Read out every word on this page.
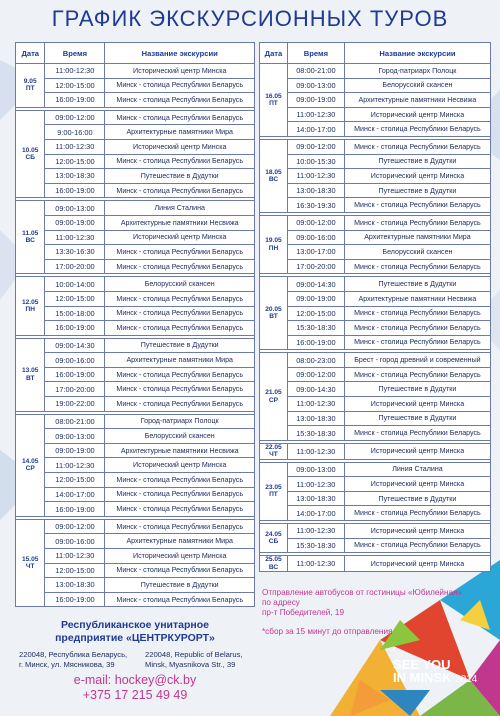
ГРАФИК ЭКСКУРСИОННЫХ ТУРОВ
Дата	Время	Название экскурсии

9.05
ПТ	11:00-12:30	Исторический центр Минска
	12:00-15:00	Минск - столица Республики Беларусь
	16:00-19:00	Минск - столица Республики Беларусь

10.05
СБ	09:00-12:00	Минск - столица Республики Беларусь
	9:00-16:00	Архитектурные памятники Мира
	11:00-12:30	Исторический центр Минска
	12:00-15:00	Минск - столица Республики Беларусь
	13:00-18:30	Путешествие в Дудутки
	16:00-19:00	Минск - столица Республики Беларусь

11.05
ВС	09:00-13:00	Линия Сталина
	09:00-19:00	Архитектурные памятники Несвижа
	11:00-12:30	Исторический центр Минска
	13:30-16:30	Минск - столица Республики Беларусь
	17:00-20:00	Минск - столица Республики Беларусь

12.05
ПН	10:00-14:00	Белорусский скансен
	12:00-15:00	Минск - столица Республики Беларусь
	15:00-18:00	Минск - столица Республики Беларусь
	16:00-19:00	Минск - столица Республики Беларусь

13.05
ВТ	09:00-14:30	Путешествие в Дудутки
	09:00-16:00	Архитектурные памятники Мира
	16:00-19:00	Минск - столица Республики Беларусь
	17:00-20:00	Минск - столица Республики Беларусь
	19:00-22:00	Минск - столица Республики Беларусь

14.05
СР	08:00-21:00	Город-патриарх Полоцк
	09:00-13:00	Белорусский скансен
	09:00-19:00	Архитектурные памятники Несвижа
	11:00-12:30	Исторический центр Минска
	12:00-15:00	Минск - столица Республики Беларусь
	14:00-17:00	Минск - столица Республики Беларусь
	16:00-19:00	Минск - столица Республики Беларусь

15.05
ЧТ	09:00-12:00	Минск - столица Республики Беларусь
	09:00-16:00	Архитектурные памятники Мира
	11:00-12:30	Исторический центр Минска
	12:00-15:00	Минск - столица Республики Беларусь
	13:00-18:30	Путешествие в Дудутки
	16:00-19:00	Минск - столица Республики Беларусь
Дата	Время	Название экскурсии

16.05
ПТ	08:00-21:00	Город-патриарх Полоцк
	09:00-13:00	Белорусский скансен
	09:00-19:00	Архитектурные памятники Несвижа
	11:00-12:30	Исторический центр Минска
	14:00-17:00	Минск - столица Республики Беларусь

18.05
ВС	09:00-12:00	Минск - столица Республики Беларусь
	10:00-15:30	Путешествие в Дудутки
	11:00-12:30	Исторический центр Минска
	13:00-18:30	Путешествие в Дудутки
	16:30-19:30	Минск - столица Республики Беларусь

19.05
ПН	09:00-12:00	Минск - столица Республики Беларусь
	09:00-16:00	Архитектурные памятники Мира
	13:00-17:00	Белорусский скансен
	17:00-20:00	Минск - столица Республики Беларусь

20.05
ВТ	09:00-14:30	Путешествие в Дудутки
	09:00-19:00	Архитектурные памятники Несвижа
	12:00-15:00	Минск - столица Республики Беларусь
	15:30-18:30	Минск - столица Республики Беларусь
	16:00-19:00	Минск - столица Республики Беларусь

21.05
СР	08:00-23:00	Брест - город древний и современный
	09:00-12:00	Минск - столица Республики Беларусь
	09:00-14:30	Путешествие в Дудутки
	11:00-12:30	Исторический центр Минска
	13:00-18:30	Путешествие в Дудутки
	15:30-18:30	Минск - столица Республики Беларусь

22.05
ЧТ	11:00-12:30	Исторический центр Минска

23.05
ПТ	09:00-13:00	Линия Сталина
	11:00-12:30	Исторический центр Минска
	13:00-18:30	Путешествие в Дудутки
	14:00-17:00	Минск - столица Республики Беларусь

24.05
СБ	11:00-12:30	Исторический центр Минска
	15:30-18:30	Минск - столица Республики Беларусь

25.05
ВС	11:00-12:30	Исторический центр Минска
Отправление автобусов от гостиницы «Юбилейная»
по адресу
пр-т Победителей, 19
*сбор за 15 минут до отправления
Республиканское унитарное
предприятие «ЦЕНТРКУРОРТ»
220048, Республика Беларусь,
г. Минск, ул. Мясникова, 39
220048, Republic of Belarus,
Minsk, Myasnikova Str., 39
e-mail: hockey@ck.by
+375 17 215 49 49
SEE YOU
IN MINSK 2014
